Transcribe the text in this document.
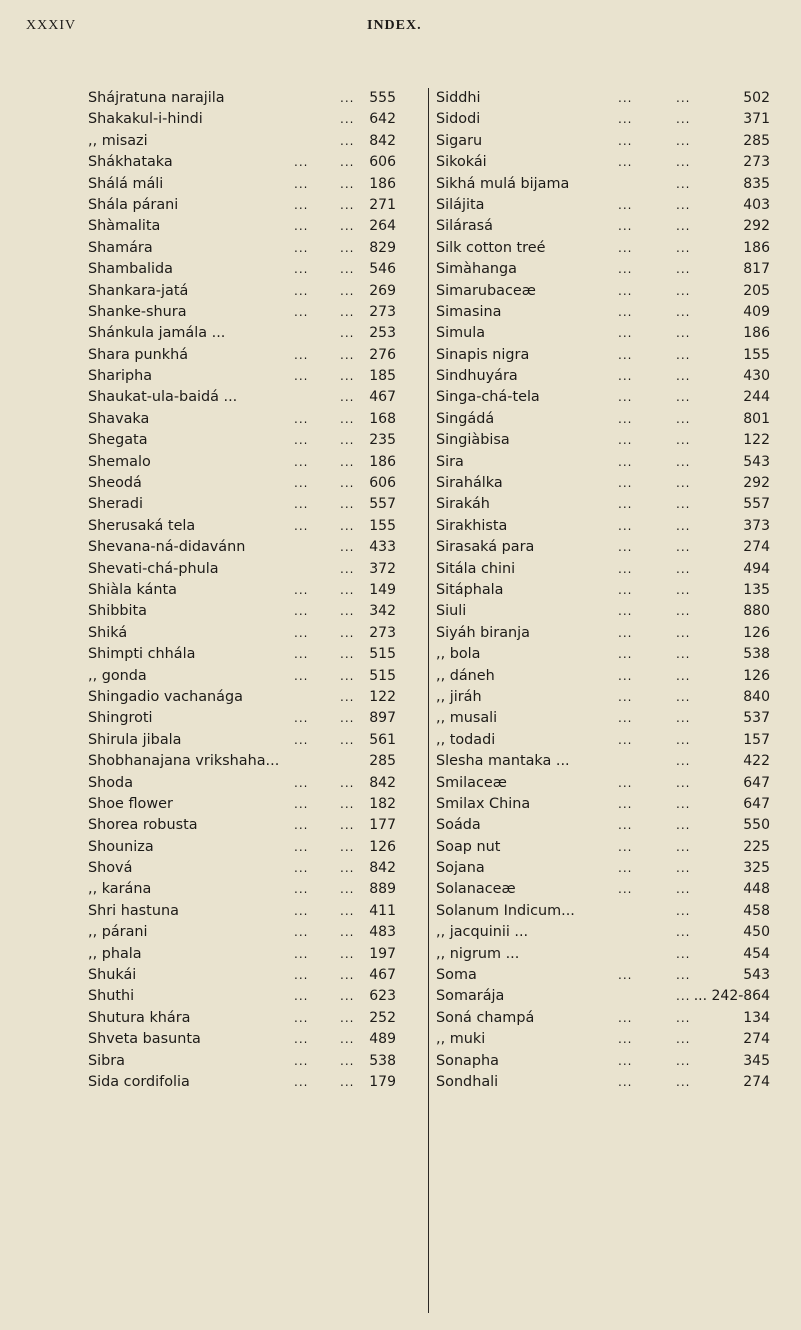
XXXIV	INDEX.
Shájratuna narajila	... 555
Shakakul-i-hindi	... 642
,, misazi	... 842
Shákhataka	...	... 606
Shálá máli	...	... 186
Shála párani	...	... 271
Shàmalita	...	... 264
Shamára	...	... 829
Shambalida	...	... 546
Shankara-jatá	...	... 269
Shanke-shura	...	... 273
Shánkula jamála ...	... 253
Shara punkhá	...	... 276
Sharipha	...	... 185
Shaukat-ula-baidá ...	... 467
Shavaka	...	... 168
Shegata	...	... 235
Shemalo	...	... 186
Sheodá	...	... 606
Sheradi	...	... 557
Sherusaká tela	...	... 155
Shevana-ná-didavánn	... 433
Shevati-chá-phula	... 372
Shiàla kánta	...	... 149
Shibbita	...	... 342
Shiká	...	... 273
Shimpti chhála	...	... 515
,, gonda	...	... 515
Shingadio vachanága	... 122
Shingroti	...	... 897
Shirula jibala	...	... 561
Shobhanajana vrikshaha...	285
Shoda	...	... 842
Shoe flower	...	... 182
Shorea robusta	...	... 177
Shouniza	...	... 126
Shová	...	... 842
,, karána	...	... 889
Shri hastuna	...	... 411
,, párani	...	... 483
,, phala	...	... 197
Shukái	...	... 467
Shuthi	...	... 623
Shutura khára	...	... 252
Shveta basunta	...	... 489
Sibra	...	... 538
Sida cordifolia	...	... 179
Siddhi	...	...	502
Sidodi	...	...	371
Sigaru	...	...	285
Sikokái	...	...	273
Sikhá mulá bijama	...	835
Silájita	...	...	403
Silárasá	...	...	292
Silk cotton treé	...	...	186
Simàhanga	...	...	817
Simarubaceæ	...	...	205
Simasina	...	...	409
Simula	...	...	186
Sinapis nigra	...	...	155
Sindhuyára	...	...	430
Singa-chá-tela	...	...	244
Singádá	...	...	801
Singiàbisa	...	...	122
Sira	...	...	543
Sirahálka	...	...	292
Sirakáh	...	...	557
Sirakhista	...	...	373
Sirasaká para	...	...	274
Sitála chini	...	...	494
Sitáphala	...	...	135
Siuli	...	...	880
Siyáh biranja	...	...	126
,, bola	...	...	538
,, dáneh	...	...	126
,, jiráh	...	...	840
,, musali	...	...	537
,, todadi	...	...	157
Slesha mantaka ...	...	422
Smilaceæ	...	...	647
Smilax China	...	...	647
Soáda	...	...	550
Soap nut	...	...	225
Sojana	...	...	325
Solanaceæ	...	...	448
Solanum Indicum...	...	458
,, jacquinii ...	...	450
,, nigrum ...	...	454
Soma	...	...	543
Somarája	... ... 242-864
Soná champá	...	...	134
,, muki	...	...	274
Sonapha	...	...	345
Sondhali	...	...	274
